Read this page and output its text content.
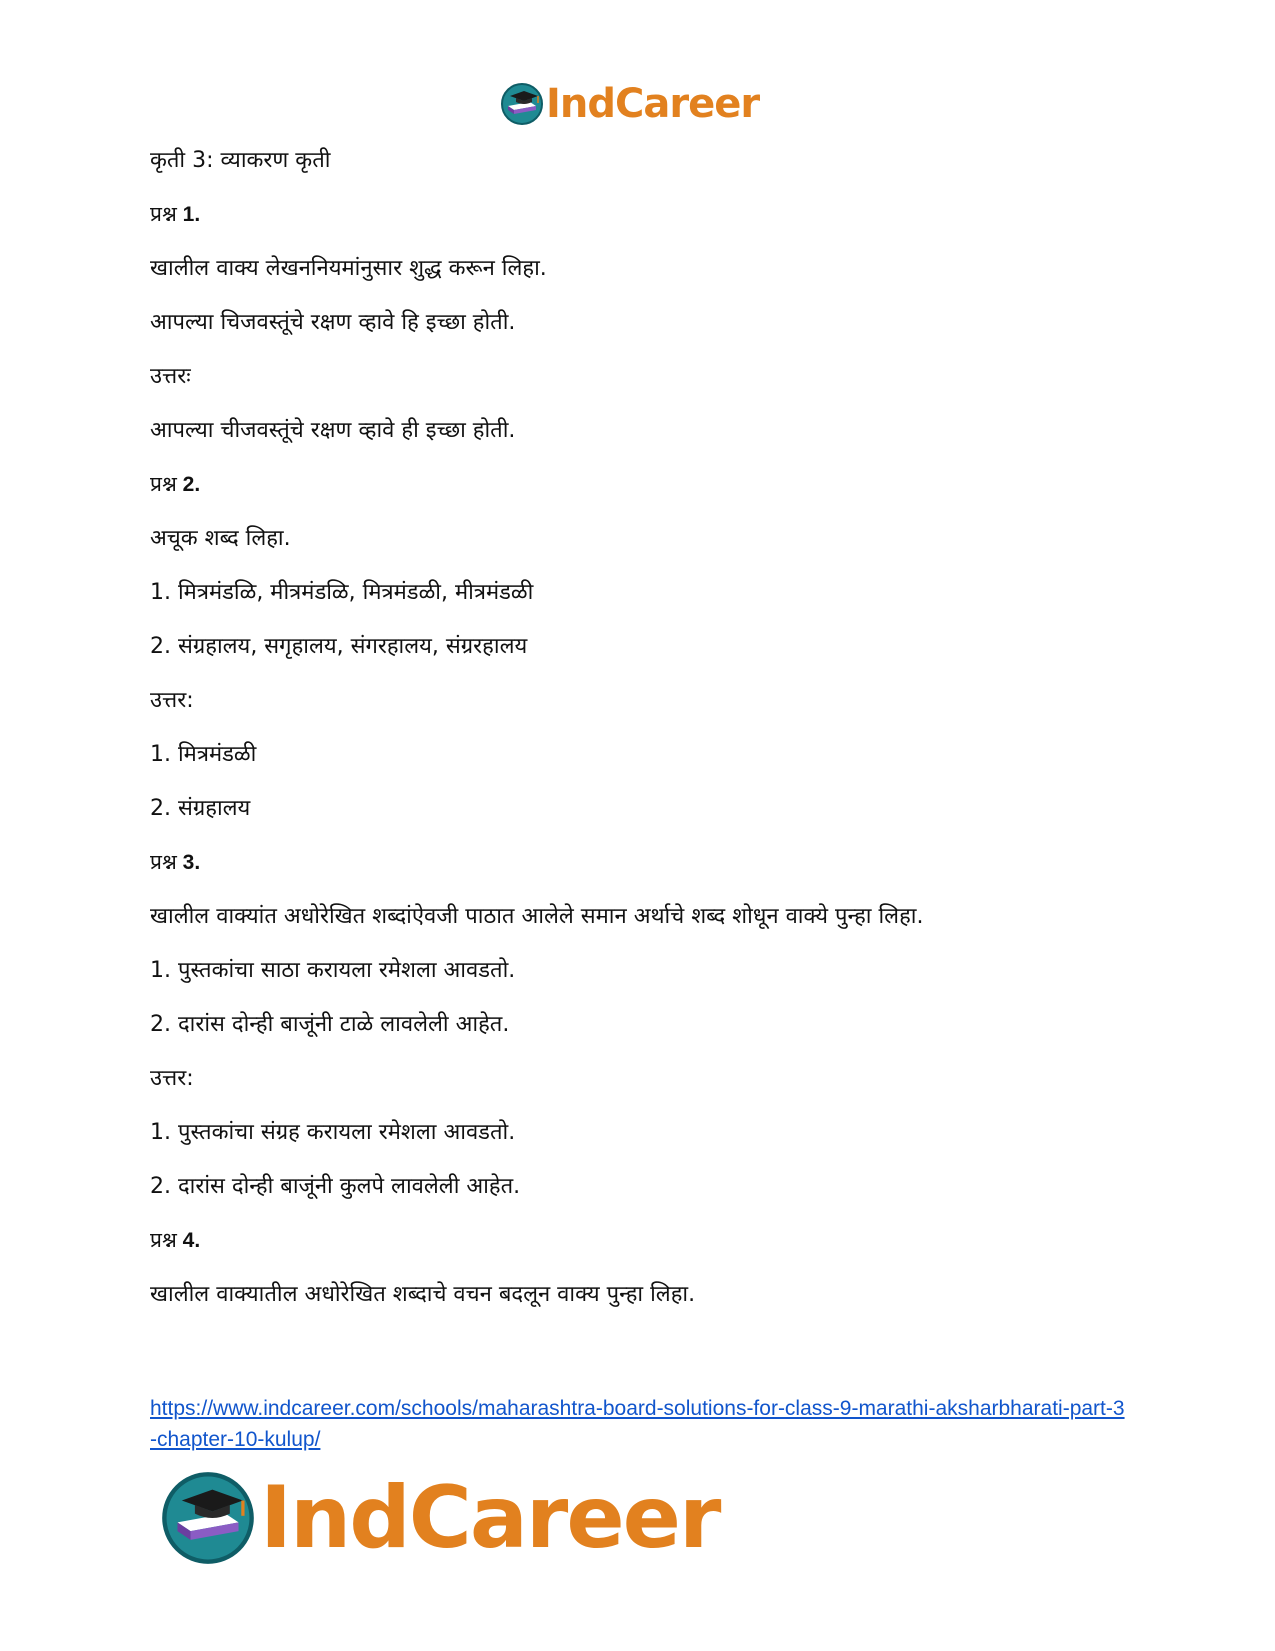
IndCareer
कृती 3: व्याकरण कृती
प्रश्न 1.
खालील वाक्य लेखननियमांनुसार शुद्ध करून लिहा.
आपल्या चिजवस्तूंचे रक्षण व्हावे हि इच्छा होती.
उत्तरः
आपल्या चीजवस्तूंचे रक्षण व्हावे ही इच्छा होती.
प्रश्न 2.
अचूक शब्द लिहा.
1. मित्रमंडळि, मीत्रमंडळि, मित्रमंडळी, मीत्रमंडळी
2. संग्रहालय, सगृहालय, संगरहालय, संग्ररहालय
उत्तर:
1. मित्रमंडळी
2. संग्रहालय
प्रश्न 3.
खालील वाक्यांत अधोरेखित शब्दांऐवजी पाठात आलेले समान अर्थाचे शब्द शोधून वाक्ये पुन्हा लिहा.
1. पुस्तकांचा साठा करायला रमेशला आवडतो.
2. दारांस दोन्ही बाजूंनी टाळे लावलेली आहेत.
उत्तर:
1. पुस्तकांचा संग्रह करायला रमेशला आवडतो.
2. दारांस दोन्ही बाजूंनी कुलपे लावलेली आहेत.
प्रश्न 4.
खालील वाक्यातील अधोरेखित शब्दाचे वचन बदलून वाक्य पुन्हा लिहा.
https://www.indcareer.com/schools/maharashtra-board-solutions-for-class-9-marathi-aksharbharati-part-3-chapter-10-kulup/
IndCareer
